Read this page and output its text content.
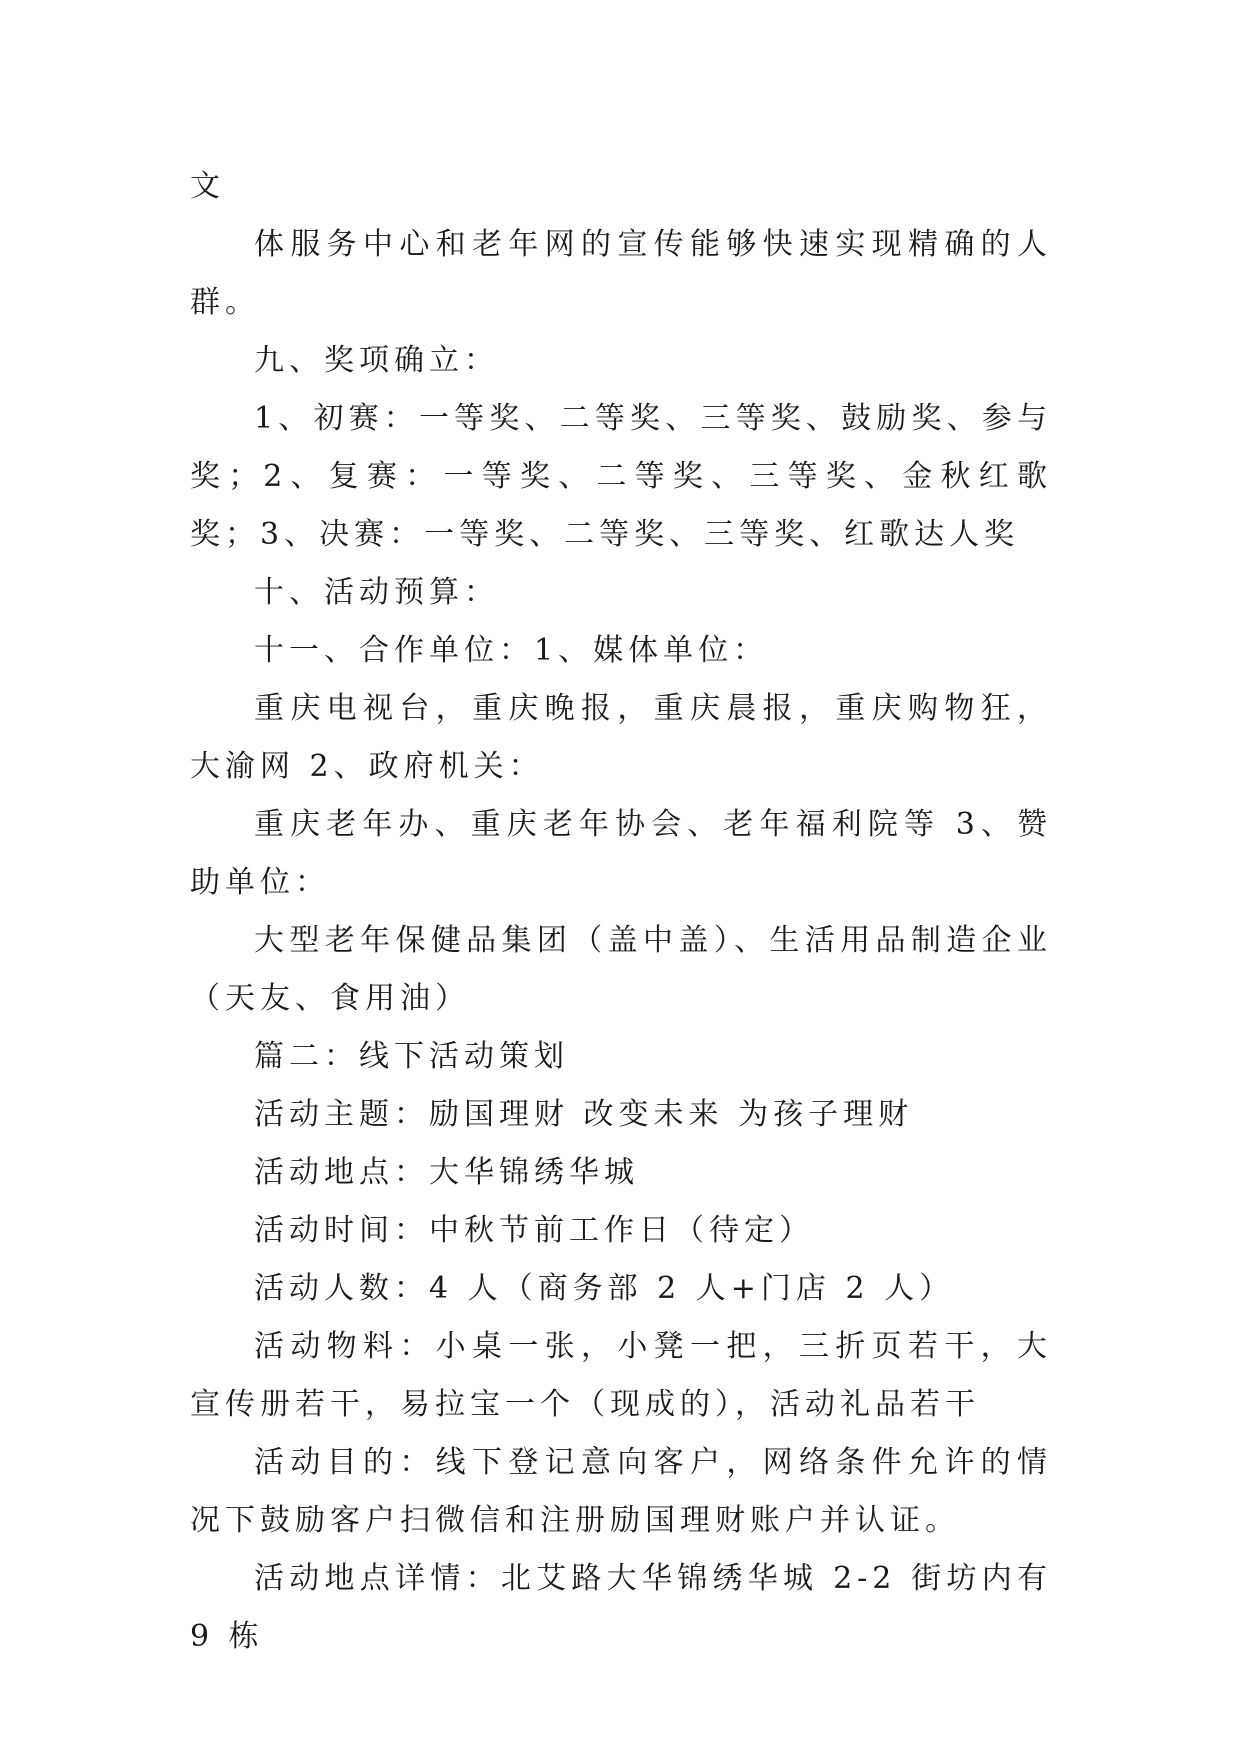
文

体服务中心和老年网的宣传能够快速实现精确的人群。

九、奖项确立：

1、初赛：一等奖、二等奖、三等奖、鼓励奖、参与奖；2、复赛：一等奖、二等奖、三等奖、金秋红歌奖；3、决赛：一等奖、二等奖、三等奖、红歌达人奖

十、活动预算：

十一、合作单位：1、媒体单位：

重庆电视台，重庆晚报，重庆晨报，重庆购物狂，大渝网 2、政府机关：

重庆老年办、重庆老年协会、老年福利院等 3、赞助单位：

大型老年保健品集团（盖中盖）、生活用品制造企业（天友、食用油）

篇二：线下活动策划

活动主题：励国理财 改变未来 为孩子理财

活动地点：大华锦绣华城

活动时间：中秋节前工作日（待定）

活动人数：4 人（商务部 2 人+门店 2 人）

活动物料：小桌一张，小凳一把，三折页若干，大宣传册若干，易拉宝一个（现成的），活动礼品若干

活动目的：线下登记意向客户，网络条件允许的情况下鼓励客户扫微信和注册励国理财账户并认证。

活动地点详情：北艾路大华锦绣华城 2-2 街坊内有 9 栋
